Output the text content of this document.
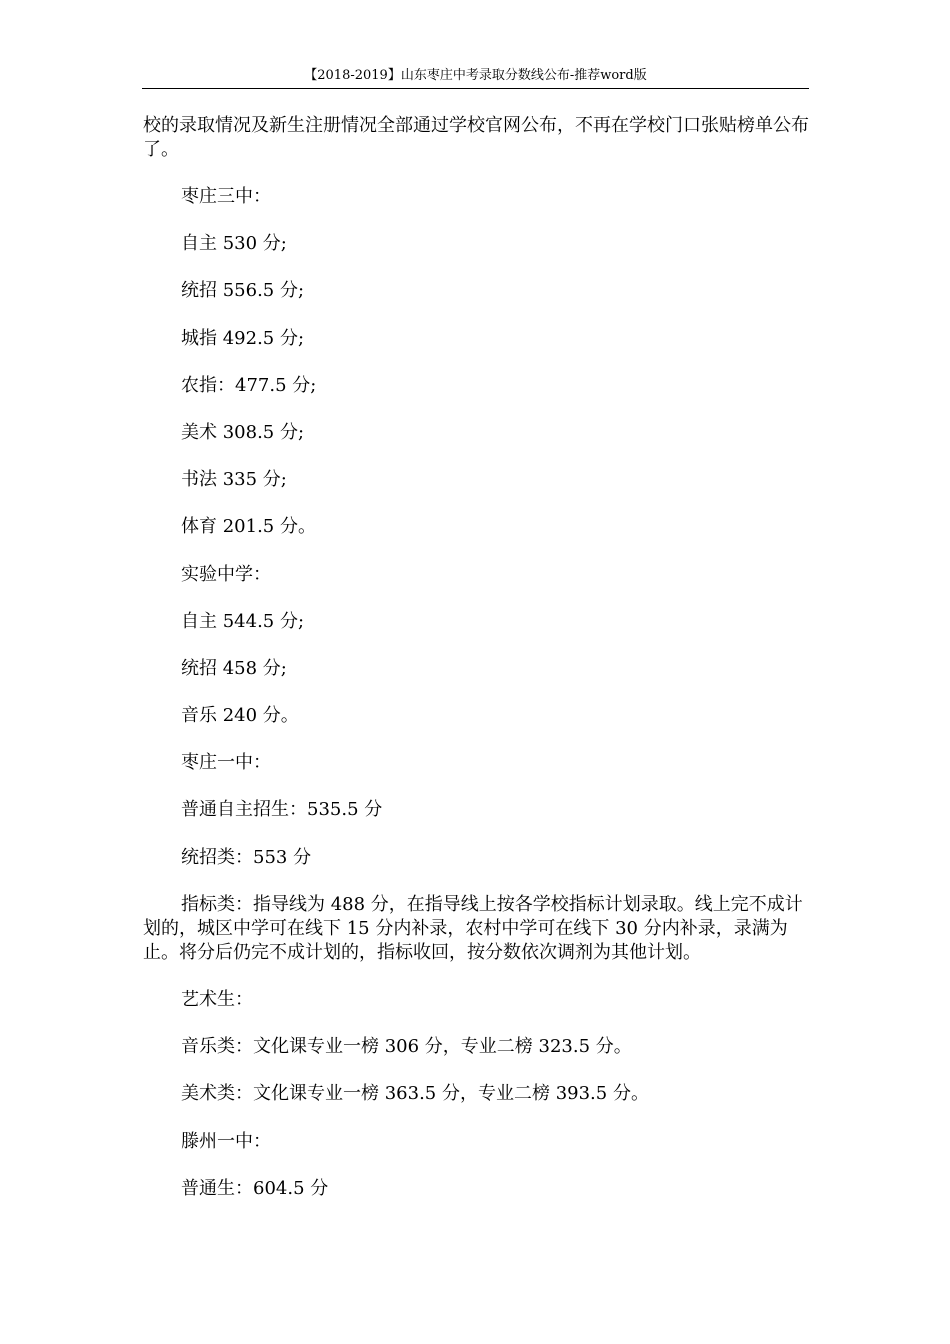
【2018-2019】山东枣庄中考录取分数线公布-推荐word版

校的录取情况及新生注册情况全部通过学校官网公布，不再在学校门口张贴榜单公布了。

枣庄三中：

自主 530 分;

统招 556.5 分;

城指 492.5 分;

农指：477.5 分;

美术 308.5 分;

书法 335 分;

体育 201.5 分。

实验中学：

自主 544.5 分;

统招 458 分;

音乐 240 分。

枣庄一中：

普通自主招生：535.5 分

统招类：553 分

指标类：指导线为 488 分，在指导线上按各学校指标计划录取。线上完不成计划的，城区中学可在线下 15 分内补录，农村中学可在线下 30 分内补录，录满为止。将分后仍完不成计划的，指标收回，按分数依次调剂为其他计划。

艺术生：

音乐类：文化课专业一榜 306 分，专业二榜 323.5 分。

美术类：文化课专业一榜 363.5 分，专业二榜 393.5 分。

滕州一中：

普通生：604.5 分
